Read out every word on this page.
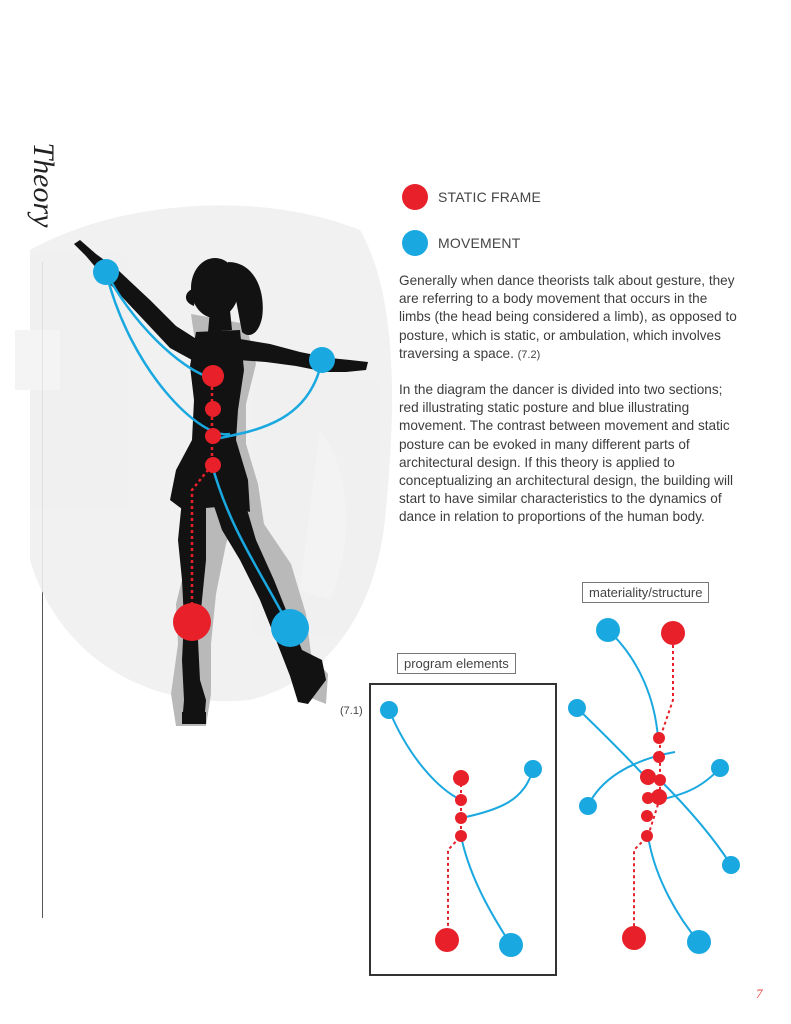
Theory	STATIC FRAME
MOVEMENT

Generally when dance theorists talk about gesture, they are referring to a body movement that occurs in the limbs (the head being considered a limb), as opposed to posture, which is static, or ambulation, which involves traversing a space. (7.2)

In the diagram the dancer is divided into two sections; red illustrating static posture and blue illustrating movement. The contrast between movement and static posture can be evoked in many different parts of architectural design. If this theory is applied to conceptualizing an architectural design, the building will start to have similar characteristics to the dynamics of dance in relation to proportions of the human body.

(7.1)
program elements
materiality/structure
7
